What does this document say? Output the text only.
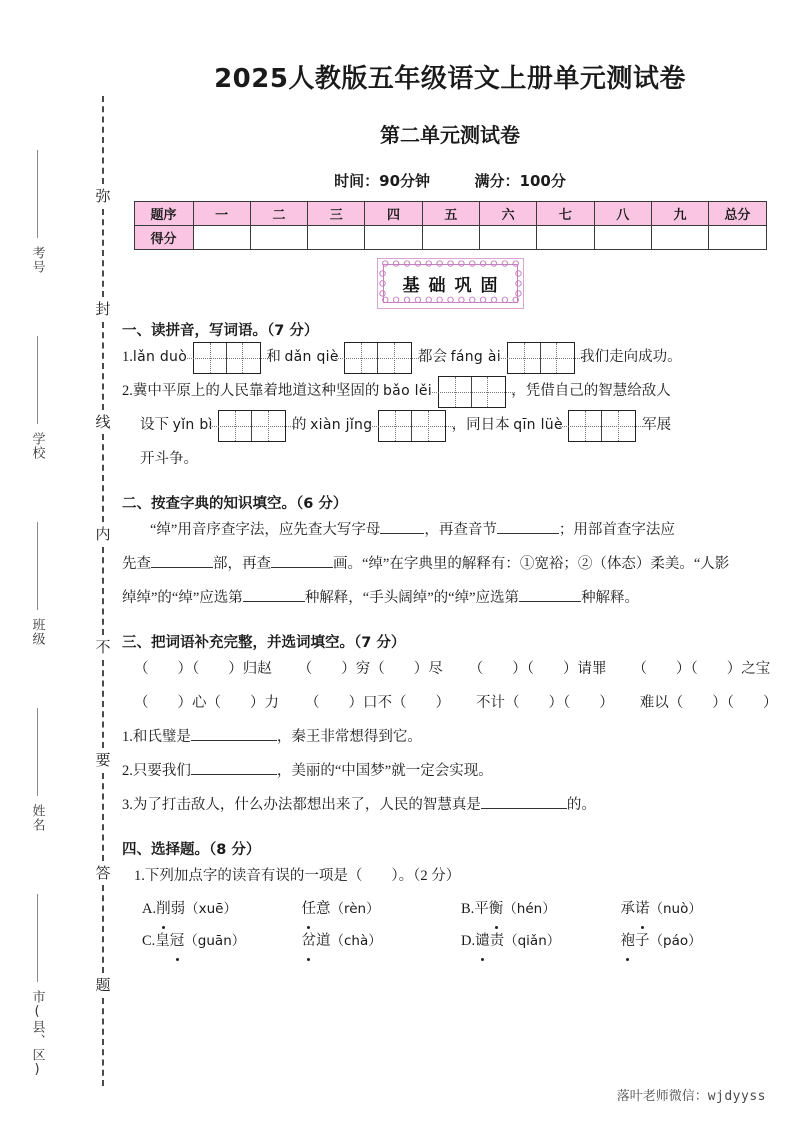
考号
学校
班级
姓名
市(县、区)
弥
封
线
内
不
要
答
题
2025人教版五年级语文上册单元测试卷
第二单元测试卷
时间：90分钟	满分：100分
题序	一	二	三	四	五	六	七	八	九	总分
得分										
基础巩固
一、读拼音，写词语。（7 分）
1.lǎn duò	和 dǎn qiè	都会 fáng ài	我们走向成功。
2.冀中平原上的人民靠着地道这种坚固的 bǎo lěi	，凭借自己的智慧给敌人
设下 yǐn bì	的 xiàn jǐng	，同日本 qīn lüè	军展
开斗争。
二、按查字典的知识填空。（6 分）
“绰”用音序查字法，应先查大写字母	，再查音节	；用部首查字法应
先查	部，再查	画。“绰”在字典里的解释有：①宽裕；②（体态）柔美。“人影
绰绰”的“绰”应选第	种解释，“手头阔绰”的“绰”应选第	种解释。
三、把词语补充完整，并选词填空。（7 分）
（　　）（　　）归赵 （　　）穷（　　）尽 （　　）（　　）请罪 （　　）（　　）之宝
（　　）心（　　）力 （　　）口不（　　） 不计（　　）（　　） 难以（　　）（　　）
1.和氏璧是	，秦王非常想得到它。
2.只要我们	，美丽的“中国梦”就一定会实现。
3.为了打击敌人，什么办法都想出来了，人民的智慧真是	的。
四、选择题。（8 分）
1.下列加点字的读音有误的一项是（　　）。（2 分）
A.削弱（xuē）	任意（rèn）	B.平衡（hén）	承诺（nuò）
C.皇冠（guān）	岔道（chà）	D.谴责（qiǎn）	袍子（páo）
落叶老师微信：wjdyyss
